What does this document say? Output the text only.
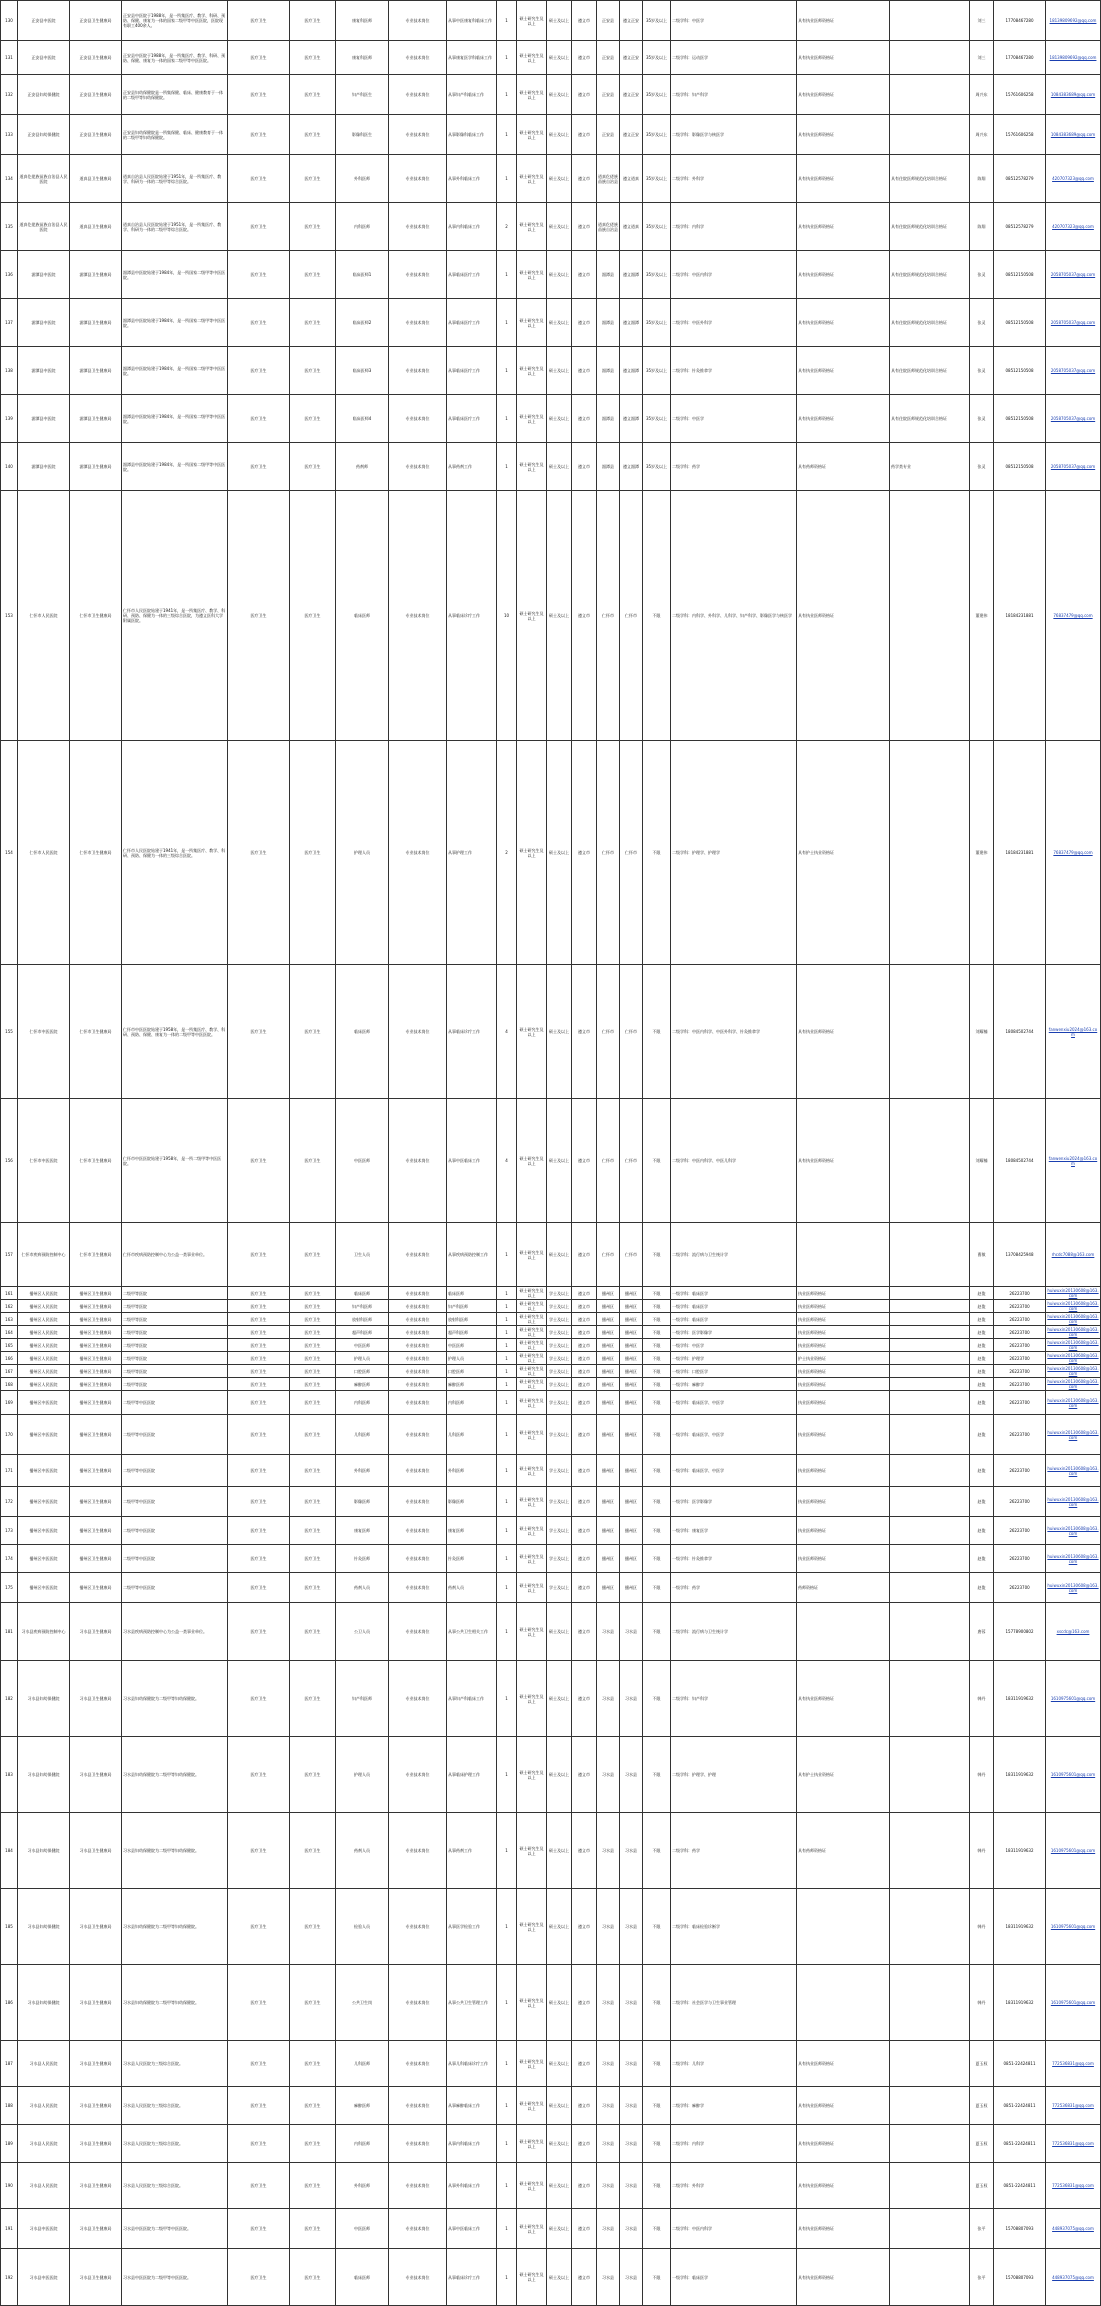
130	正安县中医院	正安县卫生健康局	正安县中医院于1988年，是一所集医疗、教学、科研、预防、保健、康复为一体的国家二级甲等中医医院，医院现有职工400余人。	医疗卫生	医疗卫生	康复科医师	专业技术岗位	从事中医康复科临床工作	1	硕士研究生及以上	硕士及以上	遵义市	正安县	遵义正安	35岁及以上	二级学科：中医学	具有执业医师资格证		刘三	17708467280	18139809692@qq.com
131	正安县中医院	正安县卫生健康局	正安县中医院于1988年，是一所集医疗、教学、科研、预防、保健、康复为一体的国家二级甲等中医医院。	医疗卫生	医疗卫生	康复科医师	专业技术岗位	从事康复医学科临床工作	1	硕士研究生及以上	硕士及以上	遵义市	正安县	遵义正安	35岁及以上	二级学科：运动医学	具有执业医师资格证		刘三	17708467280	18139809692@qq.com
132	正安县妇幼保健院	正安县卫生健康局	正安县妇幼保健院是一所集保健、临床、健康教育于一体的二级甲等妇幼保健院。	医疗卫生	医疗卫生	妇产科医生	专业技术岗位	从事妇产科临床工作	1	硕士研究生及以上	硕士及以上	遵义市	正安县	遵义正安	35岁及以上	二级学科：妇产科学	具有执业医师资格证		周兴东	15761606258	1084383689@qq.com
133	正安县妇幼保健院	正安县卫生健康局	正安县妇幼保健院是一所集保健、临床、健康教育于一体的二级甲等妇幼保健院。	医疗卫生	医疗卫生	影像科医生	专业技术岗位	从事影像科临床工作	1	硕士研究生及以上	硕士及以上	遵义市	正安县	遵义正安	35岁及以上	二级学科：影像医学与核医学	具有执业医师资格证		周兴东	15761606258	1084383689@qq.com
134	道真仡佬族苗族自治县人民医院	道真县卫生健康局	道真自治县人民医院始建于1951年，是一所集医疗、教学、科研为一体的二级甲等综合医院。	医疗卫生	医疗卫生	外科医师	专业技术岗位	从事外科临床工作	1	硕士研究生及以上	硕士及以上	遵义市	道真仡佬族苗族自治县	遵义道真	35岁及以上	二级学科：外科学	具有执业医师资格证	具有住院医师规范化培训合格证	陈翔	08512578279	420707323@qq.com
135	道真仡佬族苗族自治县人民医院	道真县卫生健康局	道真自治县人民医院始建于1951年，是一所集医疗、教学、科研为一体的二级甲等综合医院。	医疗卫生	医疗卫生	内科医师	专业技术岗位	从事内科临床工作	2	硕士研究生及以上	硕士及以上	遵义市	道真仡佬族苗族自治县	遵义道真	35岁及以上	二级学科：内科学	具有执业医师资格证	具有住院医师规范化培训合格证	陈翔	08512578279	420707323@qq.com
136	湄潭县中医院	湄潭县卫生健康局	湄潭县中医院始建于1984年，是一所国家二级甲等中医医院。	医疗卫生	医疗卫生	临床医师1	专业技术岗位	从事临床医疗工作	1	硕士研究生及以上	硕士及以上	遵义市	湄潭县	遵义湄潭	35岁及以上	二级学科：中医内科学	具有执业医师资格证	具有住院医师规范化培训合格证	张灵	08512150508	2058705037@qq.com
137	湄潭县中医院	湄潭县卫生健康局	湄潭县中医院始建于1984年，是一所国家二级甲等中医医院。	医疗卫生	医疗卫生	临床医师2	专业技术岗位	从事临床医疗工作	1	硕士研究生及以上	硕士及以上	遵义市	湄潭县	遵义湄潭	35岁及以上	二级学科：中医外科学	具有执业医师资格证	具有住院医师规范化培训合格证	张灵	08512150508	2058705037@qq.com
138	湄潭县中医院	湄潭县卫生健康局	湄潭县中医院始建于1984年，是一所国家二级甲等中医医院。	医疗卫生	医疗卫生	临床医师3	专业技术岗位	从事临床医疗工作	1	硕士研究生及以上	硕士及以上	遵义市	湄潭县	遵义湄潭	35岁及以上	二级学科：针灸推拿学	具有执业医师资格证	具有住院医师规范化培训合格证	张灵	08512150508	2058705037@qq.com
139	湄潭县中医院	湄潭县卫生健康局	湄潭县中医院始建于1984年，是一所国家二级甲等中医医院。	医疗卫生	医疗卫生	临床医师4	专业技术岗位	从事临床医疗工作	1	硕士研究生及以上	硕士及以上	遵义市	湄潭县	遵义湄潭	35岁及以上	二级学科：中医学	具有执业医师资格证	具有住院医师规范化培训合格证	张灵	08512150508	2058705037@qq.com
140	湄潭县中医院	湄潭县卫生健康局	湄潭县中医院始建于1984年，是一所国家二级甲等中医医院。	医疗卫生	医疗卫生	药剂师	专业技术岗位	从事药剂工作	1	硕士研究生及以上	硕士及以上	遵义市	湄潭县	遵义湄潭	35岁及以上	二级学科：药学	具有药师资格证	药学类专业	张灵	08512150508	2058705037@qq.com
153	仁怀市人民医院	仁怀市卫生健康局	仁怀市人民医院始建于1941年，是一所集医疗、教学、科研、预防、保健为一体的三级综合医院，为遵义医科大学附属医院。	医疗卫生	医疗卫生	临床医师	专业技术岗位	从事临床诊疗工作	10	硕士研究生及以上	硕士及以上	遵义市	仁怀市	仁怀市	不限	二级学科：内科学、外科学、儿科学、妇产科学、影像医学与核医学	具有执业医师资格证		董建伟	18184231881	76837479@qq.com
154	仁怀市人民医院	仁怀市卫生健康局	仁怀市人民医院始建于1941年，是一所集医疗、教学、科研、预防、保健为一体的三级综合医院。	医疗卫生	医疗卫生	护理人员	专业技术岗位	从事护理工作	2	硕士研究生及以上	硕士及以上	遵义市	仁怀市	仁怀市	不限	二级学科：护理学、护理学	具有护士执业资格证		董建伟	18184231881	76837479@qq.com
155	仁怀市中医医院	仁怀市卫生健康局	仁怀市中医医院始建于1958年，是一所集医疗、教学、科研、预防、保健、康复为一体的二级甲等中医医院。	医疗卫生	医疗卫生	临床医师	专业技术岗位	从事临床诊疗工作	4	硕士研究生及以上	硕士及以上	遵义市	仁怀市	仁怀市	不限	二级学科：中医内科学、中医外科学、针灸推拿学	具有执业医师资格证		刘耀楠	18084502744	fanwenxiu2024@163.com
156	仁怀市中医医院	仁怀市卫生健康局	仁怀市中医医院始建于1958年，是一所二级甲等中医医院。	医疗卫生	医疗卫生	中医医师	专业技术岗位	从事中医临床工作	4	硕士研究生及以上	硕士及以上	遵义市	仁怀市	仁怀市	不限	二级学科：中医内科学、中医儿科学	具有执业医师资格证		刘耀楠	18084502744	fanwenxiu2024@163.com
157	仁怀市疾病预防控制中心	仁怀市卫生健康局	仁怀市疾病预防控制中心为公益一类事业单位。	医疗卫生	医疗卫生	卫生人员	专业技术岗位	从事疾病预防控制工作	1	硕士研究生及以上	硕士及以上	遵义市	仁怀市	仁怀市	不限	二级学科：流行病与卫生统计学			曹敏	13708425948	rhcdc7088@163.com
161	播州区人民医院	播州区卫生健康局	二级甲等医院	医疗卫生	医疗卫生	临床医师	专业技术岗位	临床医师	1	硕士研究生及以上	学士及以上	遵义市	播州区	播州区	不限	一级学科：临床医学	执业医师资格证		赵俊	26223700	huiwuxin20130608@163.com
162	播州区人民医院	播州区卫生健康局	二级甲等医院	医疗卫生	医疗卫生	妇产科医师	专业技术岗位	妇产科医师	1	硕士研究生及以上	学士及以上	遵义市	播州区	播州区	不限	一级学科：临床医学	执业医师资格证		赵俊	26223700	huiwuxin20130608@163.com
163	播州区人民医院	播州区卫生健康局	二级甲等医院	医疗卫生	医疗卫生	放射科医师	专业技术岗位	放射科医师	1	硕士研究生及以上	学士及以上	遵义市	播州区	播州区	不限	一级学科：临床医学	执业医师资格证		赵俊	26223700	huiwuxin20130608@163.com
164	播州区人民医院	播州区卫生健康局	二级甲等医院	医疗卫生	医疗卫生	超声科医师	专业技术岗位	超声科医师	1	硕士研究生及以上	学士及以上	遵义市	播州区	播州区	不限	一级学科：医学影像学	执业医师资格证		赵俊	26223700	huiwuxin20130608@163.com
165	播州区人民医院	播州区卫生健康局	二级甲等医院	医疗卫生	医疗卫生	中医医师	专业技术岗位	中医医师	1	硕士研究生及以上	学士及以上	遵义市	播州区	播州区	不限	一级学科：中医学	执业医师资格证		赵俊	26223700	huiwuxin20130608@163.com
166	播州区人民医院	播州区卫生健康局	二级甲等医院	医疗卫生	医疗卫生	护理人员	专业技术岗位	护理人员	1	硕士研究生及以上	学士及以上	遵义市	播州区	播州区	不限	一级学科：护理学	护士执业资格证		赵俊	26223700	huiwuxin20130608@163.com
167	播州区人民医院	播州区卫生健康局	二级甲等医院	医疗卫生	医疗卫生	口腔医师	专业技术岗位	口腔医师	1	硕士研究生及以上	学士及以上	遵义市	播州区	播州区	不限	一级学科：口腔医学	执业医师资格证		赵俊	26223700	huiwuxin20130608@163.com
168	播州区人民医院	播州区卫生健康局	二级甲等医院	医疗卫生	医疗卫生	麻醉医师	专业技术岗位	麻醉医师	1	硕士研究生及以上	学士及以上	遵义市	播州区	播州区	不限	一级学科：麻醉学	执业医师资格证		赵俊	26223700	huiwuxin20130608@163.com
169	播州区中医医院	播州区卫生健康局	二级甲等中医医院	医疗卫生	医疗卫生	内科医师	专业技术岗位	内科医师	1	硕士研究生及以上	学士及以上	遵义市	播州区	播州区	不限	一级学科：临床医学、中医学	执业医师资格证		赵俊	26223700	huiwuxin20130608@163.com
170	播州区中医医院	播州区卫生健康局	二级甲等中医医院	医疗卫生	医疗卫生	儿科医师	专业技术岗位	儿科医师	1	硕士研究生及以上	学士及以上	遵义市	播州区	播州区	不限	一级学科：临床医学、中医学	执业医师资格证		赵俊	26223700	huiwuxin20130608@163.com
171	播州区中医医院	播州区卫生健康局	二级甲等中医医院	医疗卫生	医疗卫生	外科医师	专业技术岗位	外科医师	1	硕士研究生及以上	学士及以上	遵义市	播州区	播州区	不限	一级学科：临床医学、中医学	执业医师资格证		赵俊	26223700	huiwuxin20130608@163.com
172	播州区中医医院	播州区卫生健康局	二级甲等中医医院	医疗卫生	医疗卫生	影像医师	专业技术岗位	影像医师	1	硕士研究生及以上	学士及以上	遵义市	播州区	播州区	不限	一级学科：医学影像学	执业医师资格证		赵俊	26223700	huiwuxin20130608@163.com
173	播州区中医医院	播州区卫生健康局	二级甲等中医医院	医疗卫生	医疗卫生	康复医师	专业技术岗位	康复医师	1	硕士研究生及以上	学士及以上	遵义市	播州区	播州区	不限	一级学科：康复医学	执业医师资格证		赵俊	26223700	huiwuxin20130608@163.com
174	播州区中医医院	播州区卫生健康局	二级甲等中医医院	医疗卫生	医疗卫生	针灸医师	专业技术岗位	针灸医师	1	硕士研究生及以上	学士及以上	遵义市	播州区	播州区	不限	一级学科：针灸推拿学	执业医师资格证		赵俊	26223700	huiwuxin20130608@163.com
175	播州区中医医院	播州区卫生健康局	二级甲等中医医院	医疗卫生	医疗卫生	药剂人员	专业技术岗位	药剂人员	1	硕士研究生及以上	学士及以上	遵义市	播州区	播州区	不限	一级学科：药学	药师资格证		赵俊	26223700	huiwuxin20130608@163.com
181	习水县疾病预防控制中心	习水县卫生健康局	习水县疾病预防控制中心为公益一类事业单位。	医疗卫生	医疗卫生	公卫人员	专业技术岗位	从事公共卫生相关工作	1	硕士研究生及以上	硕士及以上	遵义市	习水县	习水县	不限	二级学科：流行病与卫生统计学			唐蓉	15778900802	xscdc@163.com
182	习水县妇幼保健院	习水县卫生健康局	习水县妇幼保健院为二级甲等妇幼保健院。	医疗卫生	医疗卫生	妇产科医师	专业技术岗位	从事妇产科临床工作	1	硕士研究生及以上	硕士及以上	遵义市	习水县	习水县	不限	二级学科：妇产科学	具有执业医师资格证		韩丹	18311919632	1610975601@qq.com
183	习水县妇幼保健院	习水县卫生健康局	习水县妇幼保健院为二级甲等妇幼保健院。	医疗卫生	医疗卫生	护理人员	专业技术岗位	从事临床护理工作	1	硕士研究生及以上	硕士及以上	遵义市	习水县	习水县	不限	二级学科：护理学、护理	具有护士执业资格证		韩丹	18311919632	1610975601@qq.com
184	习水县妇幼保健院	习水县卫生健康局	习水县妇幼保健院为二级甲等妇幼保健院。	医疗卫生	医疗卫生	药剂人员	专业技术岗位	从事药剂工作	1	硕士研究生及以上	硕士及以上	遵义市	习水县	习水县	不限	二级学科：药学	具有药师资格证		韩丹	18311919632	1610975601@qq.com
185	习水县妇幼保健院	习水县卫生健康局	习水县妇幼保健院为二级甲等妇幼保健院。	医疗卫生	医疗卫生	检验人员	专业技术岗位	从事医学检验工作	1	硕士研究生及以上	硕士及以上	遵义市	习水县	习水县	不限	二级学科：临床检验诊断学			韩丹	18311919632	1610975601@qq.com
186	习水县妇幼保健院	习水县卫生健康局	习水县妇幼保健院为二级甲等妇幼保健院。	医疗卫生	医疗卫生	公共卫生岗	专业技术岗位	从事公共卫生管理工作	1	硕士研究生及以上	硕士及以上	遵义市	习水县	习水县	不限	二级学科：社会医学与卫生事业管理			韩丹	18311919632	1610975601@qq.com
187	习水县人民医院	习水县卫生健康局	习水县人民医院为三级综合医院。	医疗卫生	医疗卫生	儿科医师	专业技术岗位	从事儿科临床诊疗工作	1	硕士研究生及以上	硕士及以上	遵义市	习水县	习水县	不限	二级学科：儿科学	具有执业医师资格证		夏玉权	0851-22424811	772536831@qq.com
188	习水县人民医院	习水县卫生健康局	习水县人民医院为三级综合医院。	医疗卫生	医疗卫生	麻醉医师	专业技术岗位	从事麻醉临床工作	1	硕士研究生及以上	硕士及以上	遵义市	习水县	习水县	不限	二级学科：麻醉学	具有执业医师资格证		夏玉权	0851-22424811	772536831@qq.com
189	习水县人民医院	习水县卫生健康局	习水县人民医院为三级综合医院。	医疗卫生	医疗卫生	内科医师	专业技术岗位	从事内科临床工作	1	硕士研究生及以上	硕士及以上	遵义市	习水县	习水县	不限	二级学科：内科学	具有执业医师资格证		夏玉权	0851-22424811	772536831@qq.com
190	习水县人民医院	习水县卫生健康局	习水县人民医院为三级综合医院。	医疗卫生	医疗卫生	外科医师	专业技术岗位	从事外科临床工作	1	硕士研究生及以上	硕士及以上	遵义市	习水县	习水县	不限	二级学科：外科学	具有执业医师资格证		夏玉权	0851-22424811	772536831@qq.com
191	习水县中医医院	习水县卫生健康局	习水县中医医院为二级甲等中医医院。	医疗卫生	医疗卫生	中医医师	专业技术岗位	从事中医临床工作	1	硕士研究生及以上	硕士及以上	遵义市	习水县	习水县	不限	二级学科：中医内科学	具有执业医师资格证		张平	15708807093	448937075@qq.com
192	习水县中医医院	习水县卫生健康局	习水县中医医院为二级甲等中医医院。	医疗卫生	医疗卫生	临床医师	专业技术岗位	从事临床诊疗工作	1	硕士研究生及以上	硕士及以上	遵义市	习水县	习水县	不限	一级学科：临床医学	具有执业医师资格证		张平	15708807093	448937075@qq.com
